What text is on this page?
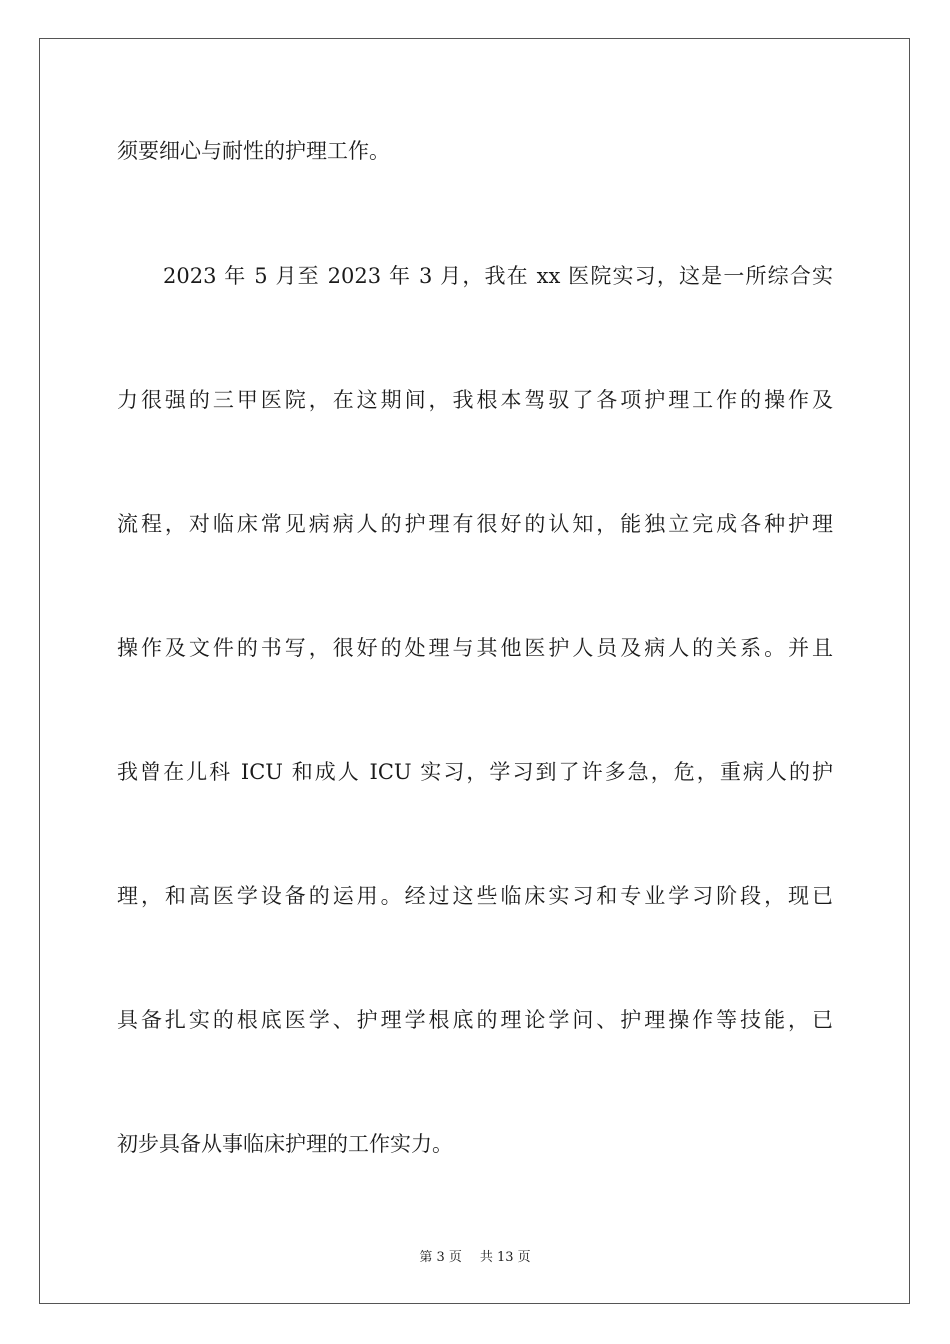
须要细心与耐性的护理工作。

2023 年 5 月至 2023 年 3 月，我在 xx 医院实习，这是一所综合实

力很强的三甲医院，在这期间，我根本驾驭了各项护理工作的操作及

流程，对临床常见病病人的护理有很好的认知，能独立完成各种护理

操作及文件的书写，很好的处理与其他医护人员及病人的关系。并且

我曾在儿科 ICU 和成人 ICU 实习，学习到了许多急，危，重病人的护

理，和高医学设备的运用。经过这些临床实习和专业学习阶段，现已

具备扎实的根底医学、护理学根底的理论学问、护理操作等技能，已

初步具备从事临床护理的工作实力。

第 3 页 共 13 页
